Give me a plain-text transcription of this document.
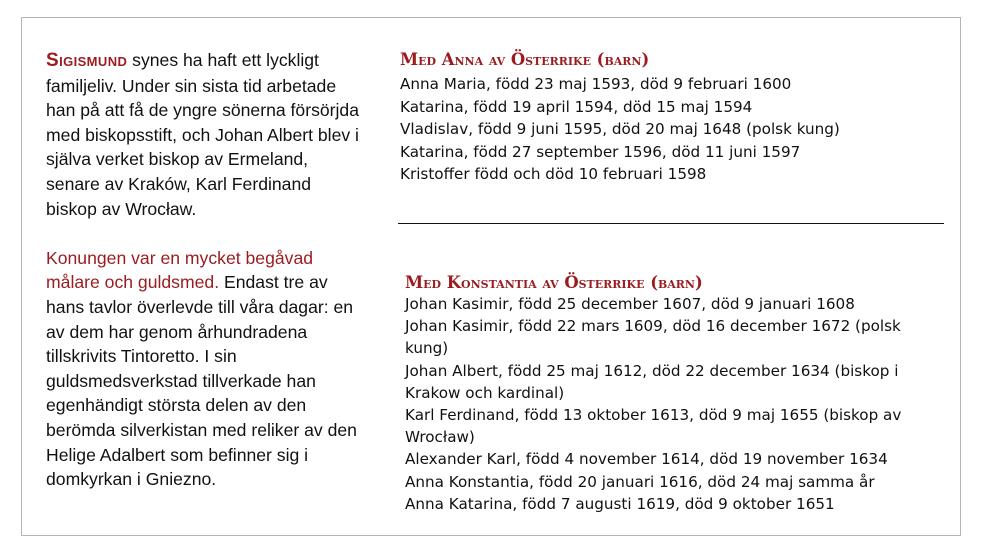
Sigismund synes ha haft ett lyckligt familjeliv. Under sin sista tid arbetade han på att få de yngre sönerna försörjda med biskopsstift, och Johan Albert blev i själva verket biskop av Ermeland, senare av Kraków, Karl Ferdinand biskop av Wrocław.

Konungen var en mycket begåvad målare och guldsmed. Endast tre av hans tavlor överlevde till våra dagar: en av dem har genom århundradena tillskrivits Tintoretto. I sin guldsmedsverkstad tillverkade han egenhändigt största delen av den berömda silverkistan med reliker av den Helige Adalbert som befinner sig i domkyrkan i Gniezno.

Med Anna av Österrike (barn)
Anna Maria, född 23 maj 1593, död 9 februari 1600
Katarina, född 19 april 1594, död 15 maj 1594
Vladislav, född 9 juni 1595, död 20 maj 1648 (polsk kung)
Katarina, född 27 september 1596, död 11 juni 1597
Kristoffer född och död 10 februari 1598
Med Konstantia av Österrike (barn)
Johan Kasimir, född 25 december 1607, död 9 januari 1608
Johan Kasimir, född 22 mars 1609, död 16 december 1672 (polsk kung)
Johan Albert, född 25 maj 1612, död 22 december 1634 (biskop i Krakow och kardinal)
Karl Ferdinand, född 13 oktober 1613, död 9 maj 1655 (biskop av Wrocław)
Alexander Karl, född 4 november 1614, död 19 november 1634
Anna Konstantia, född 20 januari 1616, död 24 maj samma år
Anna Katarina, född 7 augusti 1619, död 9 oktober 1651
